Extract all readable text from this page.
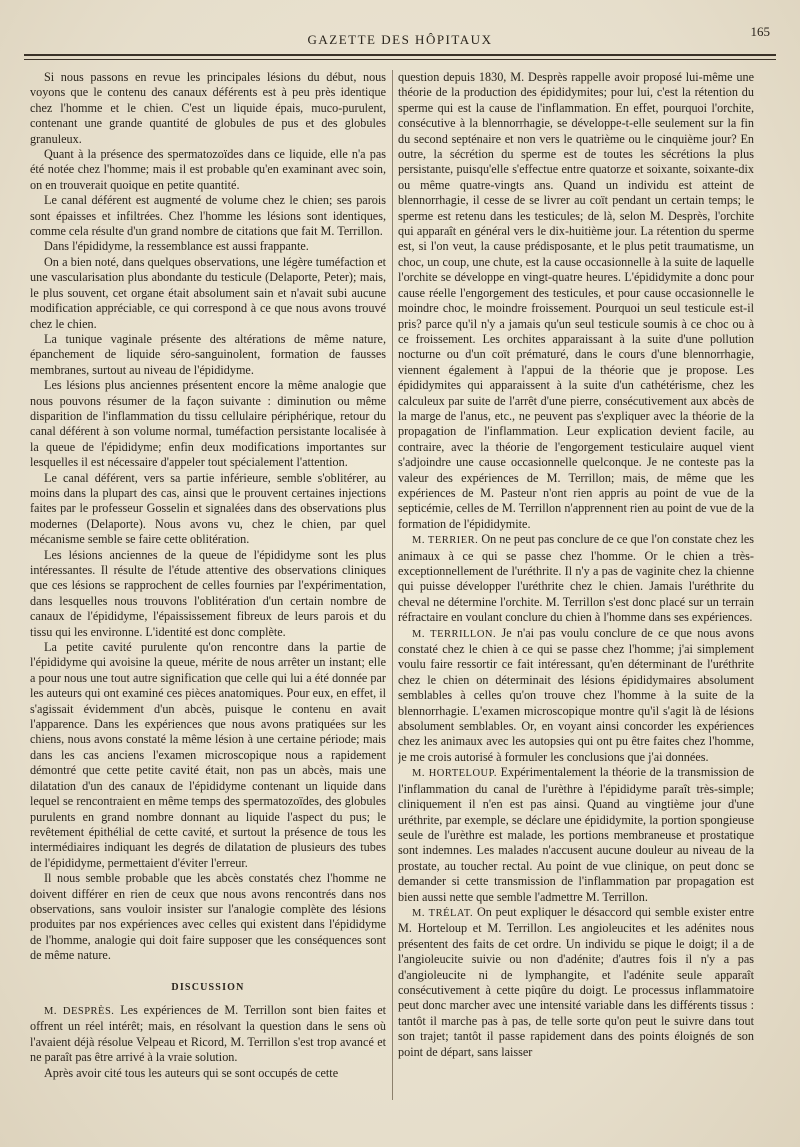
GAZETTE DES HÔPITAUX
165

Si nous passons en revue les principales lésions du début, nous voyons que le contenu des canaux déférents est à peu près identique chez l'homme et le chien. C'est un liquide épais, muco-purulent, contenant une grande quantité de globules de pus et des globules granuleux.

Quant à la présence des spermatozoïdes dans ce liquide, elle n'a pas été notée chez l'homme; mais il est probable qu'en examinant avec soin, on en trouverait quoique en petite quantité.

Le canal déférent est augmenté de volume chez le chien; ses parois sont épaisses et infiltrées. Chez l'homme les lésions sont identiques, comme cela résulte d'un grand nombre de citations que fait M. Terrillon.

Dans l'épididyme, la ressemblance est aussi frappante.

On a bien noté, dans quelques observations, une légère tuméfaction et une vascularisation plus abondante du testicule (Delaporte, Peter); mais, le plus souvent, cet organe était absolument sain et n'avait subi aucune modification appréciable, ce qui correspond à ce que nous avons trouvé chez le chien.

La tunique vaginale présente des altérations de même nature, épanchement de liquide séro-sanguinolent, formation de fausses membranes, surtout au niveau de l'épididyme.

Les lésions plus anciennes présentent encore la même analogie que nous pouvons résumer de la façon suivante : diminution ou même disparition de l'inflammation du tissu cellulaire périphérique, retour du canal déférent à son volume normal, tuméfaction persistante localisée à la queue de l'épididyme; enfin deux modifications importantes sur lesquelles il est nécessaire d'appeler tout spécialement l'attention.

Le canal déférent, vers sa partie inférieure, semble s'oblitérer, au moins dans la plupart des cas, ainsi que le prouvent certaines injections faites par le professeur Gosselin et signalées dans des observations plus modernes (Delaporte). Nous avons vu, chez le chien, par quel mécanisme semble se faire cette oblitération.

Les lésions anciennes de la queue de l'épididyme sont les plus intéressantes. Il résulte de l'étude attentive des observations cliniques que ces lésions se rapprochent de celles fournies par l'expérimentation, dans lesquelles nous trouvons l'oblitération d'un certain nombre de canaux de l'épididyme, l'épaississement fibreux de leurs parois et du tissu qui les environne. L'identité est donc complète.

La petite cavité purulente qu'on rencontre dans la partie de l'épididyme qui avoisine la queue, mérite de nous arrêter un instant; elle a pour nous une tout autre signification que celle qui lui a été donnée par les auteurs qui ont examiné ces pièces anatomiques. Pour eux, en effet, il s'agissait évidemment d'un abcès, puisque le contenu en avait l'apparence. Dans les expériences que nous avons pratiquées sur les chiens, nous avons constaté la même lésion à une certaine période; mais dans les cas anciens l'examen microscopique nous a rapidement démontré que cette petite cavité était, non pas un abcès, mais une dilatation d'un des canaux de l'épididyme contenant un liquide dans lequel se rencontraient en même temps des spermatozoïdes, des globules purulents en grand nombre donnant au liquide l'aspect du pus; le revêtement épithélial de cette cavité, et surtout la présence de tous les intermédiaires indiquant les degrés de dilatation de plusieurs des tubes de l'épididyme, permettaient d'éviter l'erreur.

Il nous semble probable que les abcès constatés chez l'homme ne doivent différer en rien de ceux que nous avons rencontrés dans nos observations, sans vouloir insister sur l'analogie complète des lésions produites par nos expériences avec celles qui existent dans l'épididyme de l'homme, analogie qui doit faire supposer que les conséquences sont de même nature.

DISCUSSION

M. DESPRÈS. Les expériences de M. Terrillon sont bien faites et offrent un réel intérêt; mais, en résolvant la question dans le sens où l'avaient déjà résolue Velpeau et Ricord, M. Terrillon s'est trop avancé et ne paraît pas être arrivé à la vraie solution.

Après avoir cité tous les auteurs qui se sont occupés de cette

question depuis 1830, M. Desprès rappelle avoir proposé lui-même une théorie de la production des épididymites; pour lui, c'est la rétention du sperme qui est la cause de l'inflammation. En effet, pourquoi l'orchite, consécutive à la blennorrhagie, se développe-t-elle seulement sur la fin du second septénaire et non vers le quatrième ou le cinquième jour? En outre, la sécrétion du sperme est de toutes les sécrétions la plus persistante, puisqu'elle s'effectue entre quatorze et soixante, soixante-dix ou même quatre-vingts ans. Quand un individu est atteint de blennorrhagie, il cesse de se livrer au coït pendant un certain temps; le sperme est retenu dans les testicules; de là, selon M. Desprès, l'orchite qui apparaît en général vers le dix-huitième jour. La rétention du sperme est, si l'on veut, la cause prédisposante, et le plus petit traumatisme, un choc, un coup, une chute, est la cause occasionnelle à la suite de laquelle l'orchite se développe en vingt-quatre heures. L'épididymite a donc pour cause réelle l'engorgement des testicules, et pour cause occasionnelle le moindre choc, le moindre froissement. Pourquoi un seul testicule est-il pris? parce qu'il n'y a jamais qu'un seul testicule soumis à ce choc ou à ce froissement. Les orchites apparaissant à la suite d'une pollution nocturne ou d'un coït prématuré, dans le cours d'une blennorrhagie, viennent également à l'appui de la théorie que je propose. Les épididymites qui apparaissent à la suite d'un cathétérisme, chez les calculeux par suite de l'arrêt d'une pierre, consécutivement aux abcès de la marge de l'anus, etc., ne peuvent pas s'expliquer avec la théorie de la propagation de l'inflammation. Leur explication devient facile, au contraire, avec la théorie de l'engorgement testiculaire auquel vient s'adjoindre une cause occasionnelle quelconque. Je ne conteste pas la valeur des expériences de M. Terrillon; mais, de même que les expériences de M. Pasteur n'ont rien appris au point de vue de la septicémie, celles de M. Terrillon n'apprennent rien au point de vue de la formation de l'épididymite.

M. TERRIER. On ne peut pas conclure de ce que l'on constate chez les animaux à ce qui se passe chez l'homme. Or le chien a très-exceptionnellement de l'uréthrite. Il n'y a pas de vaginite chez la chienne qui puisse développer l'uréthrite chez le chien. Jamais l'uréthrite du cheval ne détermine l'orchite. M. Terrillon s'est donc placé sur un terrain réfractaire en voulant conclure du chien à l'homme dans ses expériences.

M. TERRILLON. Je n'ai pas voulu conclure de ce que nous avons constaté chez le chien à ce qui se passe chez l'homme; j'ai simplement voulu faire ressortir ce fait intéressant, qu'en déterminant de l'uréthrite chez le chien on déterminait des lésions épididymaires absolument semblables à celles qu'on trouve chez l'homme à la suite de la blennorrhagie. L'examen microscopique montre qu'il s'agit là de lésions absolument semblables. Or, en voyant ainsi concorder les expériences chez les animaux avec les autopsies qui ont pu être faites chez l'homme, je me crois autorisé à formuler les conclusions que j'ai données.

M. HORTELOUP. Expérimentalement la théorie de la transmission de l'inflammation du canal de l'urèthre à l'épididyme paraît très-simple; cliniquement il n'en est pas ainsi. Quand au vingtième jour d'une uréthrite, par exemple, se déclare une épididymite, la portion spongieuse seule de l'urèthre est malade, les portions membraneuse et prostatique sont indemnes. Les malades n'accusent aucune douleur au niveau de la prostate, au toucher rectal. Au point de vue clinique, on peut donc se demander si cette transmission de l'inflammation par propagation est bien aussi nette que semble l'admettre M. Terrillon.

M. TRÉLAT. On peut expliquer le désaccord qui semble exister entre M. Horteloup et M. Terrillon. Les angioleucites et les adénites nous présentent des faits de cet ordre. Un individu se pique le doigt; il a de l'angioleucite suivie ou non d'adénite; d'autres fois il n'y a pas d'angioleucite ni de lymphangite, et l'adénite seule apparaît consécutivement à cette piqûre du doigt. Le processus inflammatoire peut donc marcher avec une intensité variable dans les différents tissus : tantôt il marche pas à pas, de telle sorte qu'on peut le suivre dans tout son trajet; tantôt il passe rapidement dans des points éloignés de son point de départ, sans laisser
